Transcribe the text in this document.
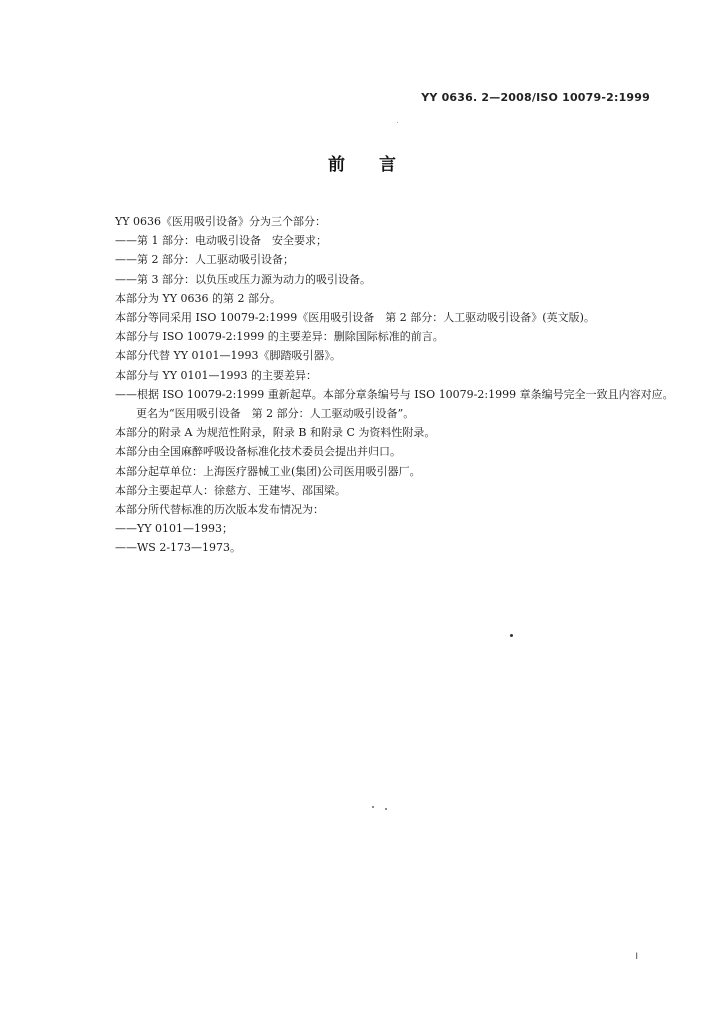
YY 0636. 2—2008/ISO 10079-2:1999
前言
YY 0636《医用吸引设备》分为三个部分：
——第 1 部分：电动吸引设备　安全要求；
——第 2 部分：人工驱动吸引设备；
——第 3 部分：以负压或压力源为动力的吸引设备。
本部分为 YY 0636 的第 2 部分。
本部分等同采用 ISO 10079-2:1999《医用吸引设备　第 2 部分：人工驱动吸引设备》(英文版)。
本部分与 ISO 10079-2:1999 的主要差异：删除国际标准的前言。
本部分代替 YY 0101—1993《脚踏吸引器》。
本部分与 YY 0101—1993 的主要差异：
——根据 ISO 10079-2:1999 重新起草。本部分章条编号与 ISO 10079-2:1999 章条编号完全一致且内容对应。
更名为“医用吸引设备　第 2 部分：人工驱动吸引设备”。
本部分的附录 A 为规范性附录，附录 B 和附录 C 为资料性附录。
本部分由全国麻醉呼吸设备标准化技术委员会提出并归口。
本部分起草单位：上海医疗器械工业(集团)公司医用吸引器厂。
本部分主要起草人：徐慈方、王建岑、邵国梁。
本部分所代替标准的历次版本发布情况为：
——YY 0101—1993；
——WS 2-173—1973。
I
